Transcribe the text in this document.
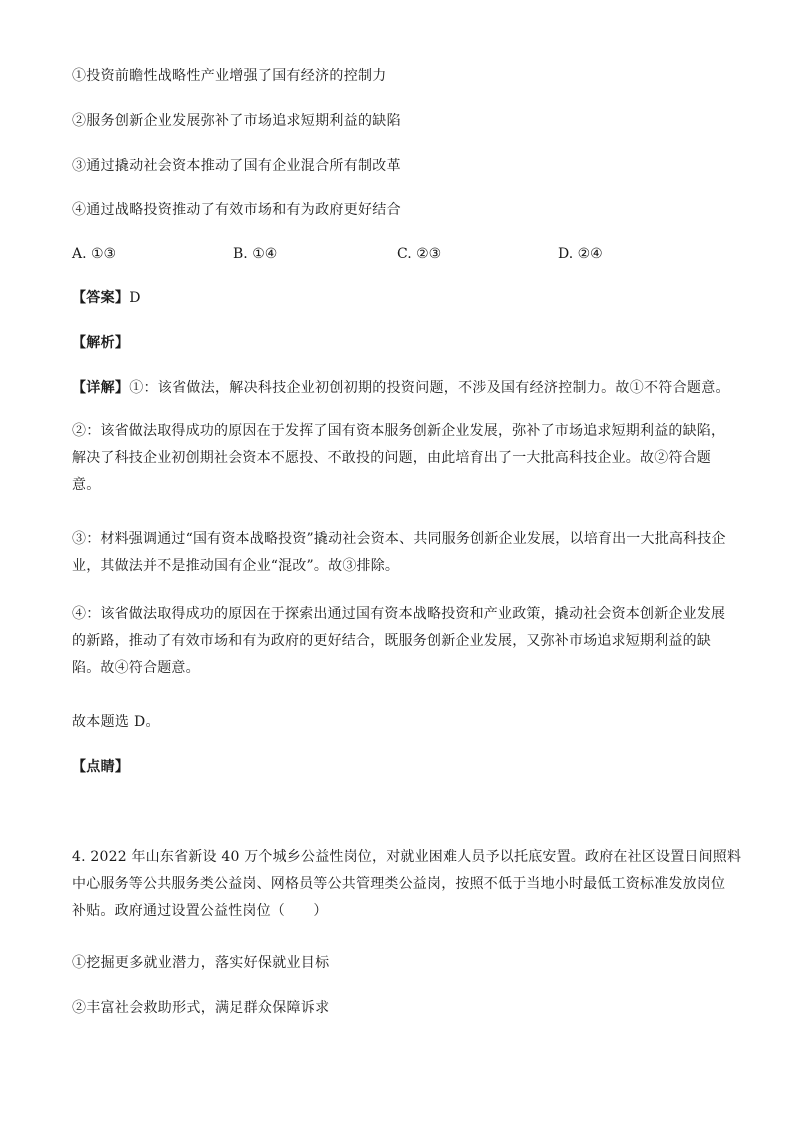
①投资前瞻性战略性产业增强了国有经济的控制力
②服务创新企业发展弥补了市场追求短期利益的缺陷
③通过撬动社会资本推动了国有企业混合所有制改革
④通过战略投资推动了有效市场和有为政府更好结合
A. ①③	B. ①④	C. ②③	D. ②④
【答案】D
【解析】
【详解】①：该省做法，解决科技企业初创初期的投资问题，不涉及国有经济控制力。故①不符合题意。
②：该省做法取得成功的原因在于发挥了国有资本服务创新企业发展，弥补了市场追求短期利益的缺陷，
解决了科技企业初创期社会资本不愿投、不敢投的问题，由此培育出了一大批高科技企业。故②符合题
意。
③：材料强调通过“国有资本战略投资”撬动社会资本、共同服务创新企业发展，以培育出一大批高科技企
业，其做法并不是推动国有企业“混改”。故③排除。
④：该省做法取得成功的原因在于探索出通过国有资本战略投资和产业政策，撬动社会资本创新企业发展
的新路，推动了有效市场和有为政府的更好结合，既服务创新企业发展，又弥补市场追求短期利益的缺
陷。故④符合题意。
故本题选 D。
【点睛】
4. 2022 年山东省新设 40 万个城乡公益性岗位，对就业困难人员予以托底安置。政府在社区设置日间照料
中心服务等公共服务类公益岗、网格员等公共管理类公益岗，按照不低于当地小时最低工资标准发放岗位
补贴。政府通过设置公益性岗位（　　）
①挖掘更多就业潜力，落实好保就业目标
②丰富社会救助形式，满足群众保障诉求
